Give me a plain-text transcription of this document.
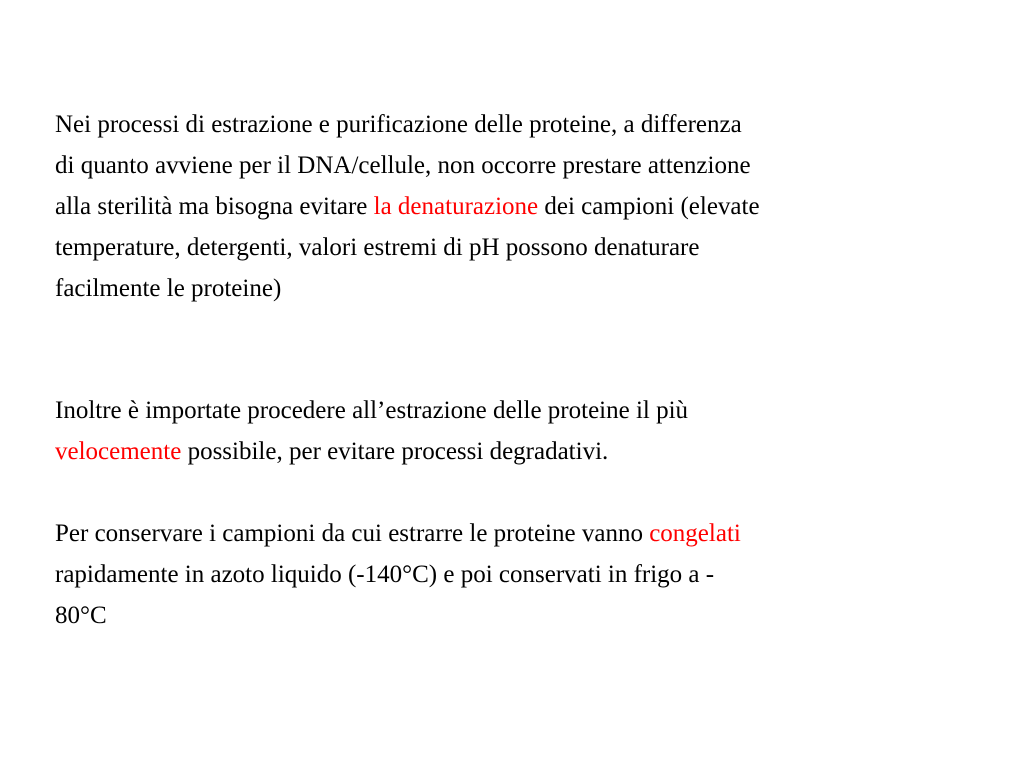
Nei processi di estrazione e purificazione delle proteine, a differenza
di quanto avviene per il DNA/cellule, non occorre prestare attenzione
alla sterilità ma bisogna evitare la denaturazione dei campioni (elevate
temperature, detergenti, valori estremi di pH possono denaturare
facilmente le proteine)

Inoltre è importate procedere all’estrazione delle proteine il più
velocemente possibile, per evitare processi degradativi.

Per conservare i campioni da cui estrarre le proteine vanno congelati
rapidamente in azoto liquido (-140°C) e poi conservati in frigo a -
80°C
